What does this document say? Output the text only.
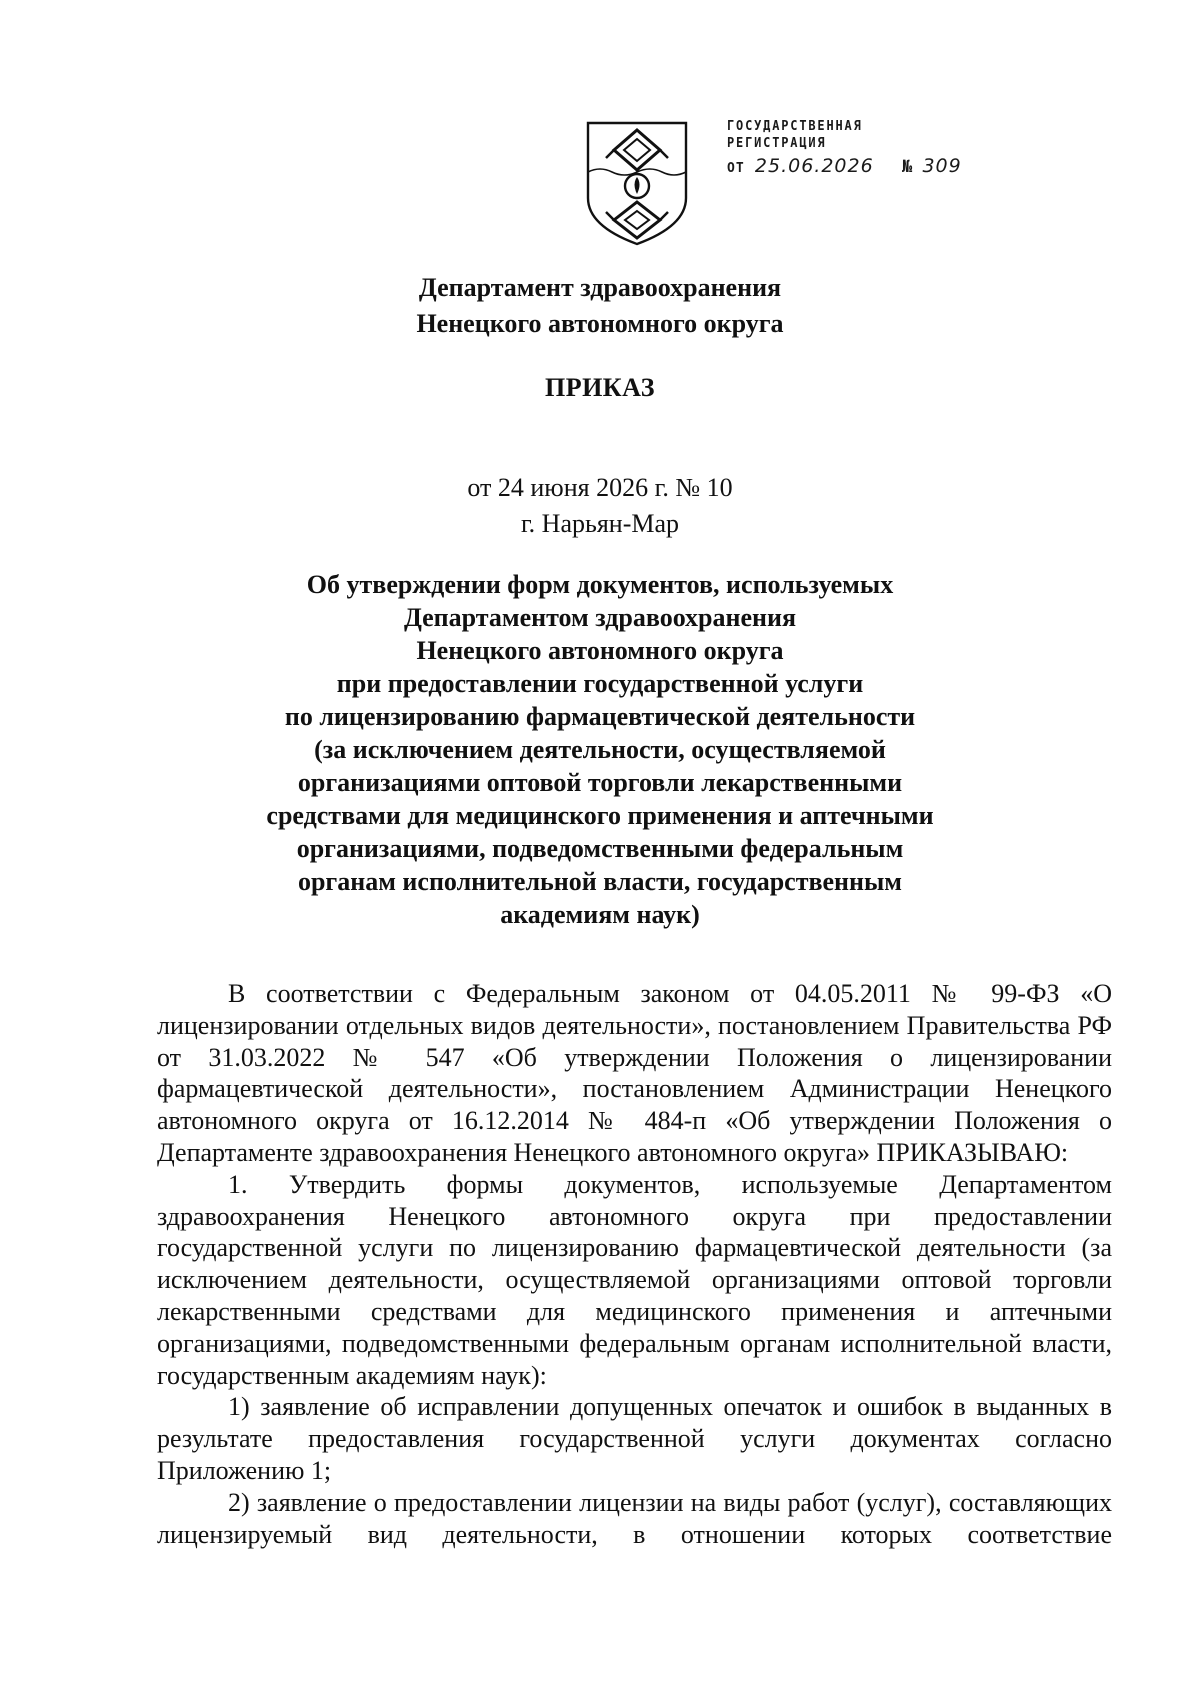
ГОСУДАРСТВЕННАЯ
РЕГИСТРАЦИЯ
ОТ 25.06.2026 № 309
Департамент здравоохранения
Ненецкого автономного округа
ПРИКАЗ
от 24 июня 2026 г. № 10
г. Нарьян-Мар
Об утверждении форм документов, используемых
Департаментом здравоохранения
Ненецкого автономного округа
при предоставлении государственной услуги
по лицензированию фармацевтической деятельности
(за исключением деятельности, осуществляемой
организациями оптовой торговли лекарственными
средствами для медицинского применения и аптечными
организациями, подведомственными федеральным
органам исполнительной власти, государственным
академиям наук)

В соответствии с Федеральным законом от 04.05.2011 № 99-ФЗ «О лицензировании отдельных видов деятельности», постановлением Правительства РФ от 31.03.2022 № 547 «Об утверждении Положения о лицензировании фармацевтической деятельности», постановлением Администрации Ненецкого автономного округа от 16.12.2014 № 484-п «Об утверждении Положения о Департаменте здравоохранения Ненецкого автономного округа» ПРИКАЗЫВАЮ:

1. Утвердить формы документов, используемые Департаментом здравоохранения Ненецкого автономного округа при предоставлении государственной услуги по лицензированию фармацевтической деятельности (за исключением деятельности, осуществляемой организациями оптовой торговли лекарственными средствами для медицинского применения и аптечными организациями, подведомственными федеральным органам исполнительной власти, государственным академиям наук):

1) заявление об исправлении допущенных опечаток и ошибок в выданных в результате предоставления государственной услуги документах согласно Приложению 1;

2) заявление о предоставлении лицензии на виды работ (услуг), составляющих лицензируемый вид деятельности, в отношении которых соответствие
